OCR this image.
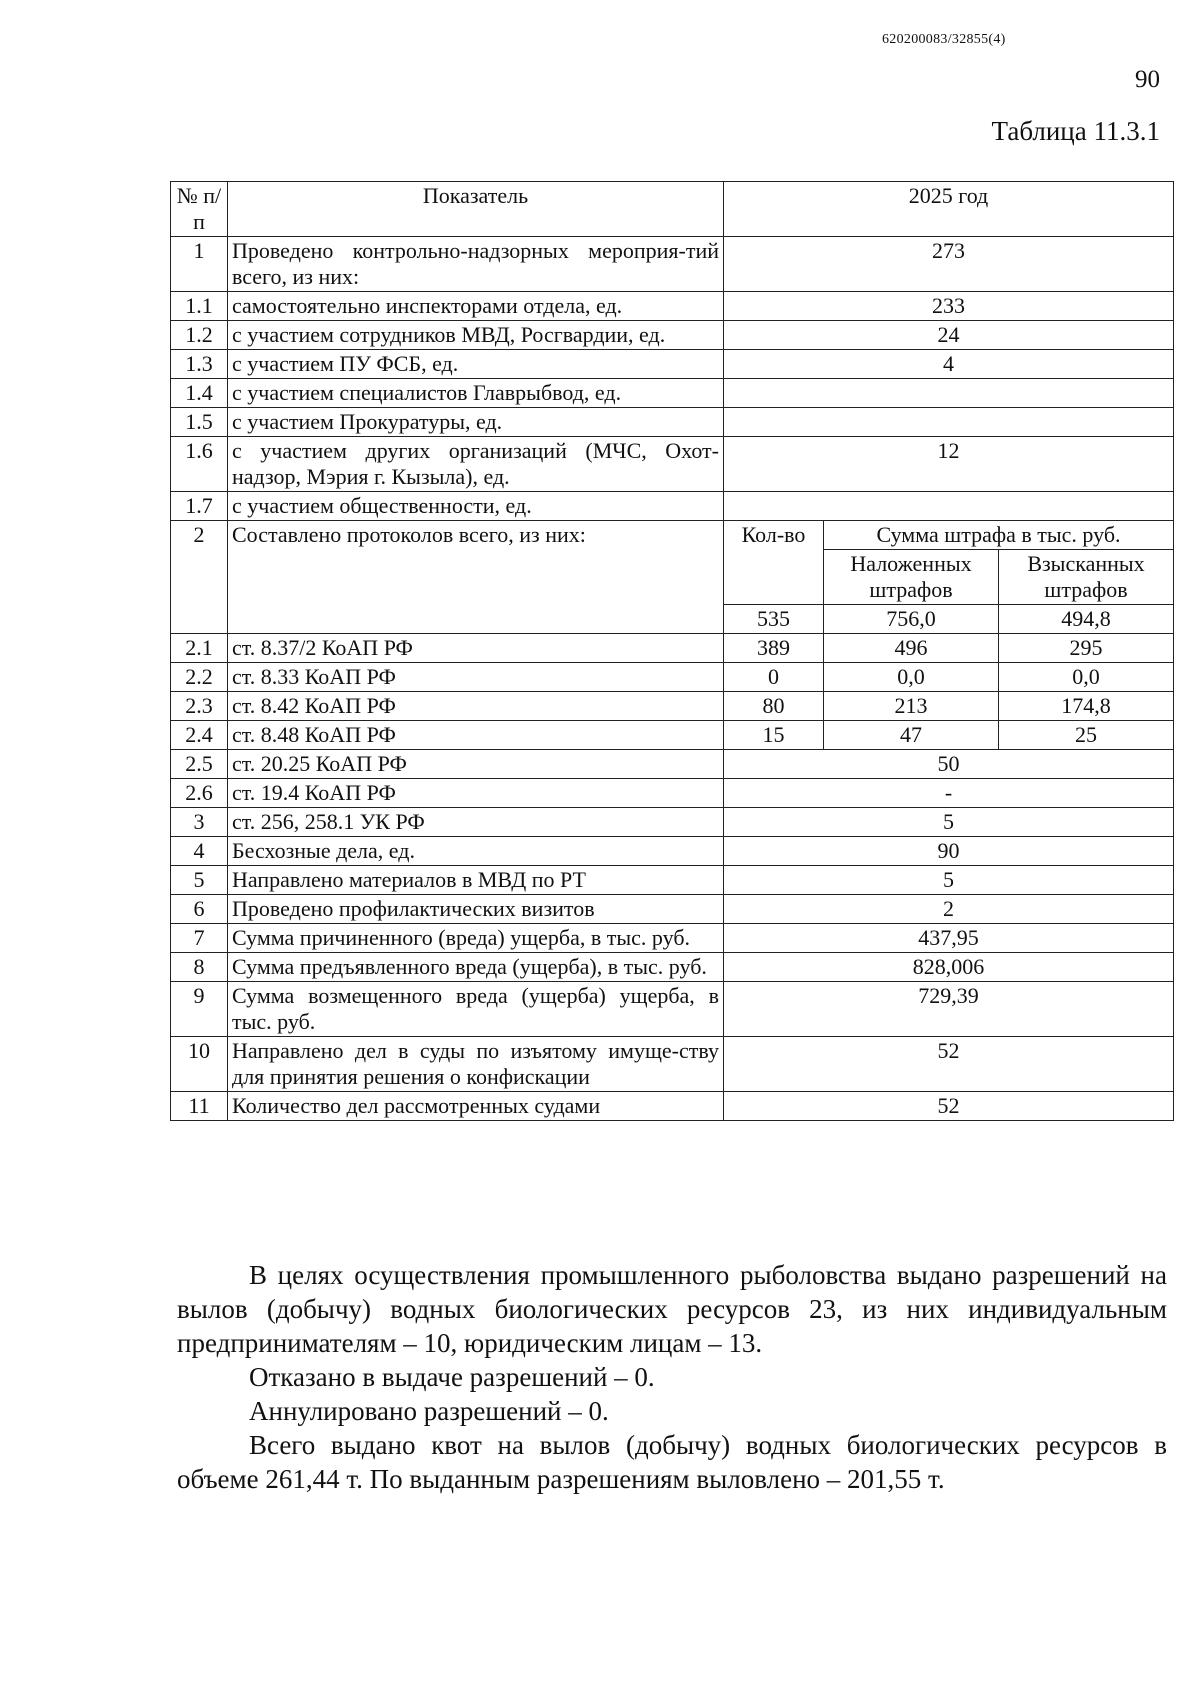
620200083/32855(4)
90
Таблица 11.3.1
№ п/п	Показатель	2025 год		
1	Проведено контрольно-надзорных мероприя-тий всего, из них:	273		
1.1	самостоятельно инспекторами отдела, ед.	233		
1.2	с участием сотрудников МВД, Росгвардии, ед.	24		
1.3	с участием ПУ ФСБ, ед.	4		
1.4	с участием специалистов Главрыбвод, ед.			
1.5	с участием Прокуратуры, ед.			
1.6	с участием других организаций (МЧС, Охот-надзор, Мэрия г. Кызыла), ед.	12		
1.7	с участием общественности, ед.			
2	Составлено протоколов всего, из них:	Кол-во	Сумма штрафа в тыс. руб.	
			Наложенных штрафов	Взысканных штрафов
		535	756,0	494,8
2.1	ст. 8.37/2 КоАП РФ	389	496	295
2.2	ст. 8.33 КоАП РФ	0	0,0	0,0
2.3	ст. 8.42 КоАП РФ	80	213	174,8
2.4	ст. 8.48 КоАП РФ	15	47	25
2.5	ст. 20.25 КоАП РФ	50		
2.6	ст. 19.4 КоАП РФ	-		
3	ст. 256, 258.1 УК РФ	5		
4	Бесхозные дела, ед.	90		
5	Направлено материалов в МВД по РТ	5		
6	Проведено профилактических визитов	2		
7	Сумма причиненного (вреда) ущерба, в тыс. руб.	437,95		
8	Сумма предъявленного вреда (ущерба), в тыс. руб.	828,006		
9	Сумма возмещенного вреда (ущерба) ущерба, в тыс. руб.	729,39		
10	Направлено дел в суды по изъятому имуще-ству для принятия решения о конфискации	52		
11	Количество дел рассмотренных судами	52		

В целях осуществления промышленного рыболовства выдано разрешений на вылов (добычу) водных биологических ресурсов 23, из них индивидуальным предпринимателям – 10, юридическим лицам – 13.

Отказано в выдаче разрешений – 0.

Аннулировано разрешений – 0.

Всего выдано квот на вылов (добычу) водных биологических ресурсов в объеме 261,44 т. По выданным разрешениям выловлено – 201,55 т.
